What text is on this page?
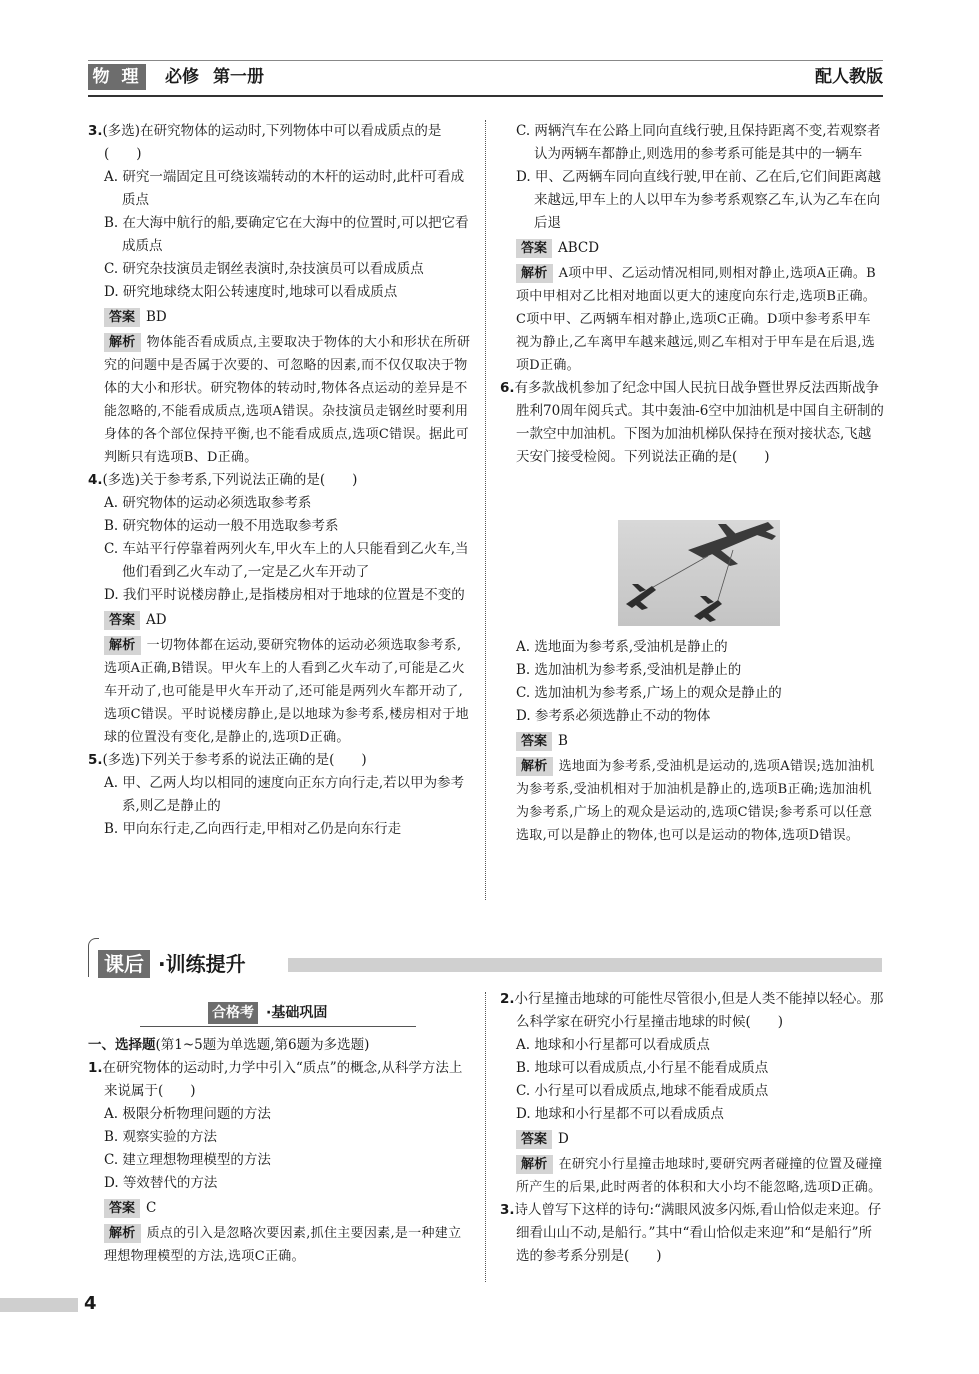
物 理 必修 第一册	配人教版

3.(多选)在研究物体的运动时,下列物体中可以看成质点的是(　　)

A. 研究一端固定且可绕该端转动的木杆的运动时,此杆可看成质点

B. 在大海中航行的船,要确定它在大海中的位置时,可以把它看成质点

C. 研究杂技演员走钢丝表演时,杂技演员可以看成质点

D. 研究地球绕太阳公转速度时,地球可以看成质点

答案 BD

解析 物体能否看成质点,主要取决于物体的大小和形状在所研究的问题中是否属于次要的、可忽略的因素,而不仅仅取决于物体的大小和形状。研究物体的转动时,物体各点运动的差异是不能忽略的,不能看成质点,选项A错误。杂技演员走钢丝时要利用身体的各个部位保持平衡,也不能看成质点,选项C错误。据此可判断只有选项B、D正确。

4.(多选)关于参考系,下列说法正确的是(　　)

A. 研究物体的运动必须选取参考系

B. 研究物体的运动一般不用选取参考系

C. 车站平行停靠着两列火车,甲火车上的人只能看到乙火车,当他们看到乙火车动了,一定是乙火车开动了

D. 我们平时说楼房静止,是指楼房相对于地球的位置是不变的

答案 AD

解析 一切物体都在运动,要研究物体的运动必须选取参考系,选项A正确,B错误。甲火车上的人看到乙火车动了,可能是乙火车开动了,也可能是甲火车开动了,还可能是两列火车都开动了,选项C错误。平时说楼房静止,是以地球为参考系,楼房相对于地球的位置没有变化,是静止的,选项D正确。

5.(多选)下列关于参考系的说法正确的是(　　)

A. 甲、乙两人均以相同的速度向正东方向行走,若以甲为参考系,则乙是静止的

B. 甲向东行走,乙向西行走,甲相对乙仍是向东行走

C. 两辆汽车在公路上同向直线行驶,且保持距离不变,若观察者认为两辆车都静止,则选用的参考系可能是其中的一辆车

D. 甲、乙两辆车同向直线行驶,甲在前、乙在后,它们间距离越来越远,甲车上的人以甲车为参考系观察乙车,认为乙车在向后退

答案 ABCD

解析 A项中甲、乙运动情况相同,则相对静止,选项A正确。B项中甲相对乙比相对地面以更大的速度向东行走,选项B正确。C项中甲、乙两辆车相对静止,选项C正确。D项中参考系甲车视为静止,乙车离甲车越来越远,则乙车相对于甲车是在后退,选项D正确。

6.有多款战机参加了纪念中国人民抗日战争暨世界反法西斯战争胜利70周年阅兵式。其中轰油-6空中加油机是中国自主研制的一款空中加油机。下图为加油机梯队保持在预对接状态,飞越天安门接受检阅。下列说法正确的是(　　)

A. 选地面为参考系,受油机是静止的

B. 选加油机为参考系,受油机是静止的

C. 选加油机为参考系,广场上的观众是静止的

D. 参考系必须选静止不动的物体

答案 B

解析 选地面为参考系,受油机是运动的,选项A错误;选加油机为参考系,受油机相对于加油机是静止的,选项B正确;选加油机为参考系,广场上的观众是运动的,选项C错误;参考系可以任意选取,可以是静止的物体,也可以是运动的物体,选项D错误。

课后 ·训练提升
合格考 ·基础巩固

一、选择题(第1~5题为单选题,第6题为多选题)

1.在研究物体的运动时,力学中引入“质点”的概念,从科学方法上来说属于(　　)

A. 极限分析物理问题的方法

B. 观察实验的方法

C. 建立理想物理模型的方法

D. 等效替代的方法

答案 C

解析 质点的引入是忽略次要因素,抓住主要因素,是一种建立理想物理模型的方法,选项C正确。

2.小行星撞击地球的可能性尽管很小,但是人类不能掉以轻心。那么科学家在研究小行星撞击地球的时候(　　)

A. 地球和小行星都可以看成质点

B. 地球可以看成质点,小行星不能看成质点

C. 小行星可以看成质点,地球不能看成质点

D. 地球和小行星都不可以看成质点

答案 D

解析 在研究小行星撞击地球时,要研究两者碰撞的位置及碰撞所产生的后果,此时两者的体积和大小均不能忽略,选项D正确。

3.诗人曾写下这样的诗句:“满眼风波多闪烁,看山恰似走来迎。仔细看山山不动,是船行。”其中“看山恰似走来迎”和“是船行”所选的参考系分别是(　　)

4
